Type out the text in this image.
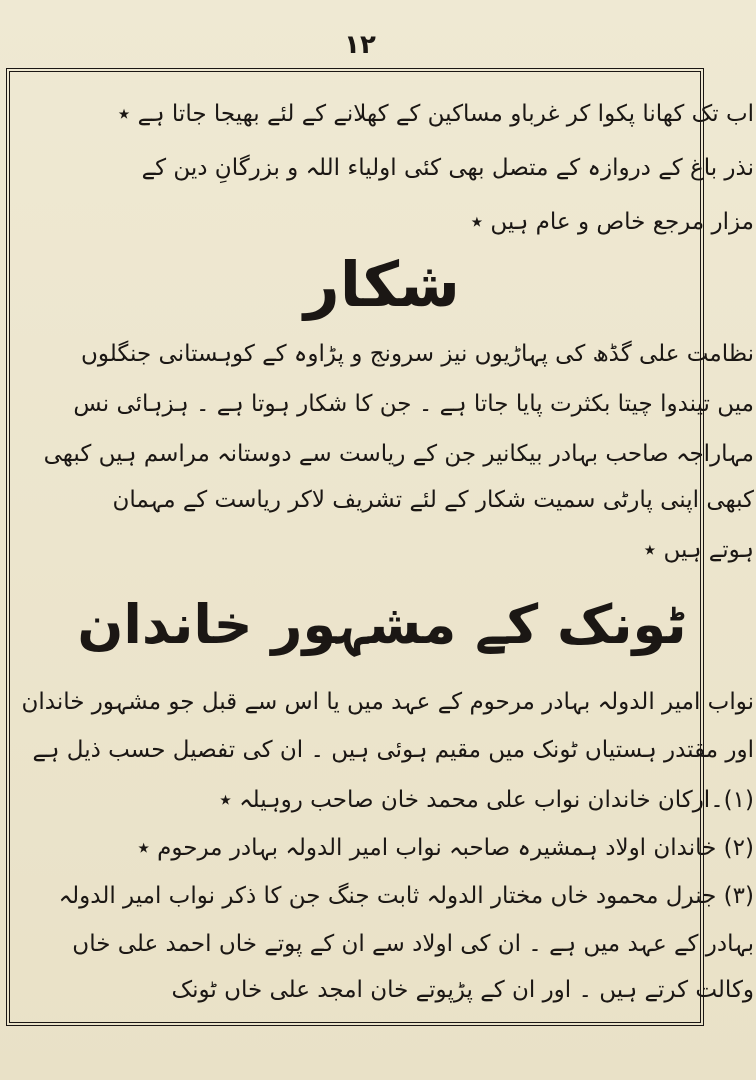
۱۲
اب تک کھانا پکوا کر غرباو مساکین کے کھلانے کے لئے بھیجا جاتا ہے ٭
نذر باغ کے دروازہ کے متصل بھی کئی اولیاء اللہ و بزرگانِ دین کے
مزار مرجع خاص و عام ہیں ٭
شکار
نظامت علی گڈھ کی پہاڑیوں نیز سرونج و پڑاوہ کے کوہستانی جنگلوں
میں تیندوا چیتا بکثرت پایا جاتا ہے ۔ جن کا شکار ہوتا ہے ۔ ہزہائی نس
مہاراجہ صاحب بہادر بیکانیر جن کے ریاست سے دوستانہ مراسم ہیں کبھی
کبھی اپنی پارٹی سمیت شکار کے لئے تشریف لاکر ریاست کے مہمان
ہوتے ہیں ٭
ٹونک کے مشہور خاندان
نواب امیر الدولہ بہادر مرحوم کے عہد میں یا اس سے قبل جو مشہور خاندان
اور مقتدر ہستیاں ٹونک میں مقیم ہوئی ہیں ۔ ان کی تفصیل حسب ذیل ہے
(۱)۔ارکان خاندان نواب علی محمد خان صاحب روہیلہ ٭
(۲) خاندان اولاد ہمشیرہ صاحبہ نواب امیر الدولہ بہادر مرحوم ٭
(۳) جنرل محمود خاں مختار الدولہ ثابت جنگ جن کا ذکر نواب امیر الدولہ
بہادر کے عہد میں ہے ۔ ان کی اولاد سے ان کے پوتے خاں احمد علی خاں
وکالت کرتے ہیں ۔ اور ان کے پڑپوتے خان امجد علی خاں ٹونک
